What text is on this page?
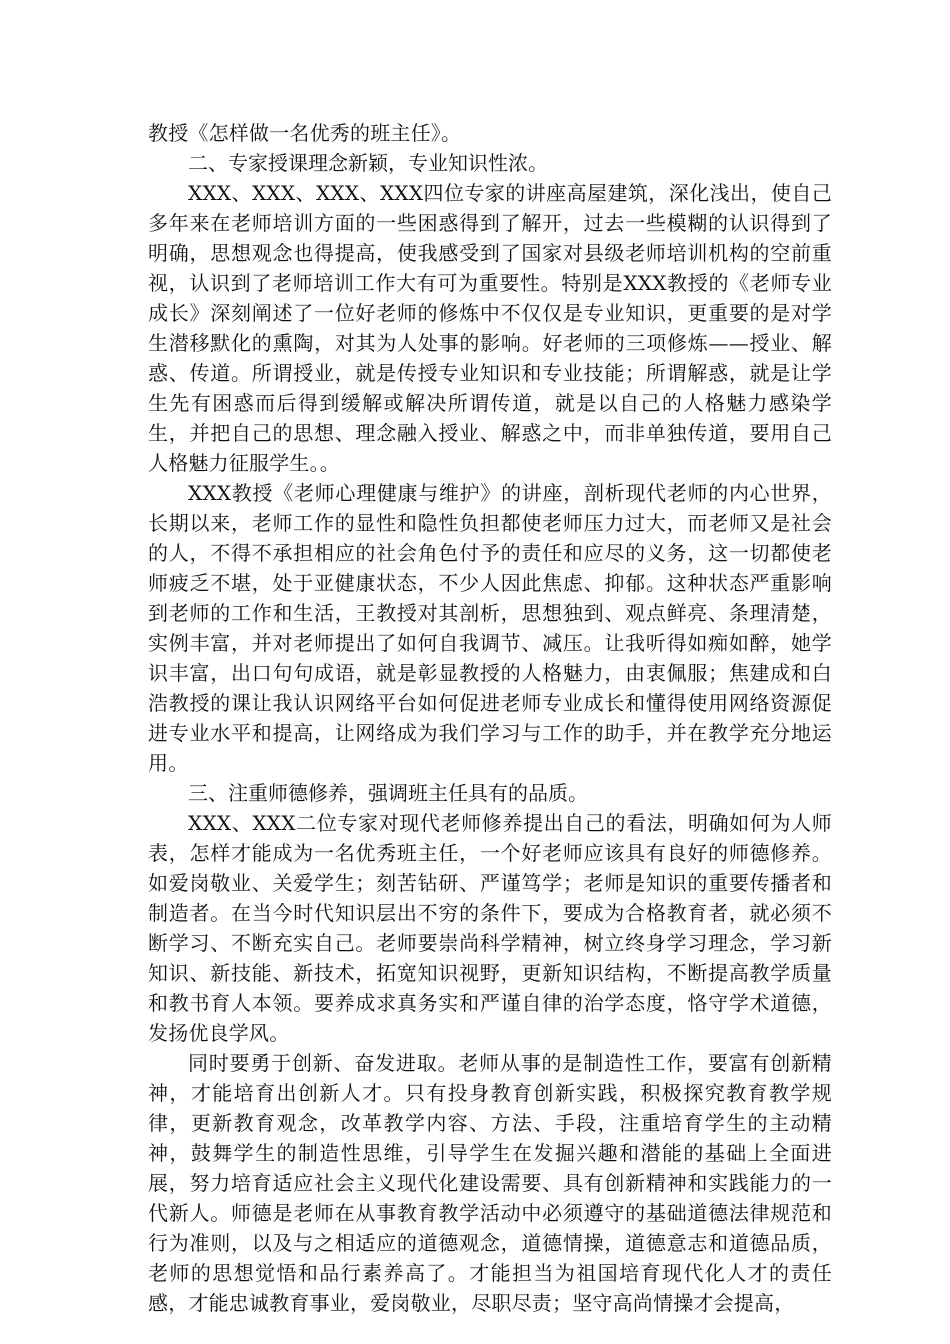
教授《怎样做一名优秀的班主任》。

二、专家授课理念新颖，专业知识性浓。

XXX、XXX、XXX、XXX四位专家的讲座高屋建筑，深化浅出，使自己多年来在老师培训方面的一些困惑得到了解开，过去一些模糊的认识得到了明确，思想观念也得提高，使我感受到了国家对县级老师培训机构的空前重视，认识到了老师培训工作大有可为重要性。特别是XXX教授的《老师专业成长》深刻阐述了一位好老师的修炼中不仅仅是专业知识，更重要的是对学生潜移默化的熏陶，对其为人处事的影响。好老师的三项修炼——授业、解惑、传道。所谓授业，就是传授专业知识和专业技能；所谓解惑，就是让学生先有困惑而后得到缓解或解决所谓传道，就是以自己的人格魅力感染学生，并把自己的思想、理念融入授业、解惑之中，而非单独传道，要用自己人格魅力征服学生。。

XXX教授《老师心理健康与维护》的讲座，剖析现代老师的内心世界，长期以来，老师工作的显性和隐性负担都使老师压力过大，而老师又是社会的人，不得不承担相应的社会角色付予的责任和应尽的义务，这一切都使老师疲乏不堪，处于亚健康状态，不少人因此焦虑、抑郁。这种状态严重影响到老师的工作和生活，王教授对其剖析，思想独到、观点鲜亮、条理清楚，实例丰富，并对老师提出了如何自我调节、减压。让我听得如痴如醉，她学识丰富，出口句句成语，就是彰显教授的人格魅力，由衷佩服；焦建成和白浩教授的课让我认识网络平台如何促进老师专业成长和懂得使用网络资源促进专业水平和提高，让网络成为我们学习与工作的助手，并在教学充分地运用。

三、注重师德修养，强调班主任具有的品质。

XXX、XXX二位专家对现代老师修养提出自己的看法，明确如何为人师表，怎样才能成为一名优秀班主任，一个好老师应该具有良好的师德修养。如爱岗敬业、关爱学生；刻苦钻研、严谨笃学；老师是知识的重要传播者和制造者。在当今时代知识层出不穷的条件下，要成为合格教育者，就必须不断学习、不断充实自己。老师要崇尚科学精神，树立终身学习理念，学习新知识、新技能、新技术，拓宽知识视野，更新知识结构，不断提高教学质量和教书育人本领。要养成求真务实和严谨自律的治学态度，恪守学术道德，发扬优良学风。

同时要勇于创新、奋发进取。老师从事的是制造性工作，要富有创新精神，才能培育出创新人才。只有投身教育创新实践，积极探究教育教学规律，更新教育观念，改革教学内容、方法、手段，注重培育学生的主动精神，鼓舞学生的制造性思维，引导学生在发掘兴趣和潜能的基础上全面进展，努力培育适应社会主义现代化建设需要、具有创新精神和实践能力的一代新人。师德是老师在从事教育教学活动中必须遵守的基础道德法律规范和行为准则，以及与之相适应的道德观念，道德情操，道德意志和道德品质，老师的思想觉悟和品行素养高了。才能担当为祖国培育现代化人才的责任感，才能忠诚教育事业，爱岗敬业，尽职尽责；坚守高尚情操才会提高，
